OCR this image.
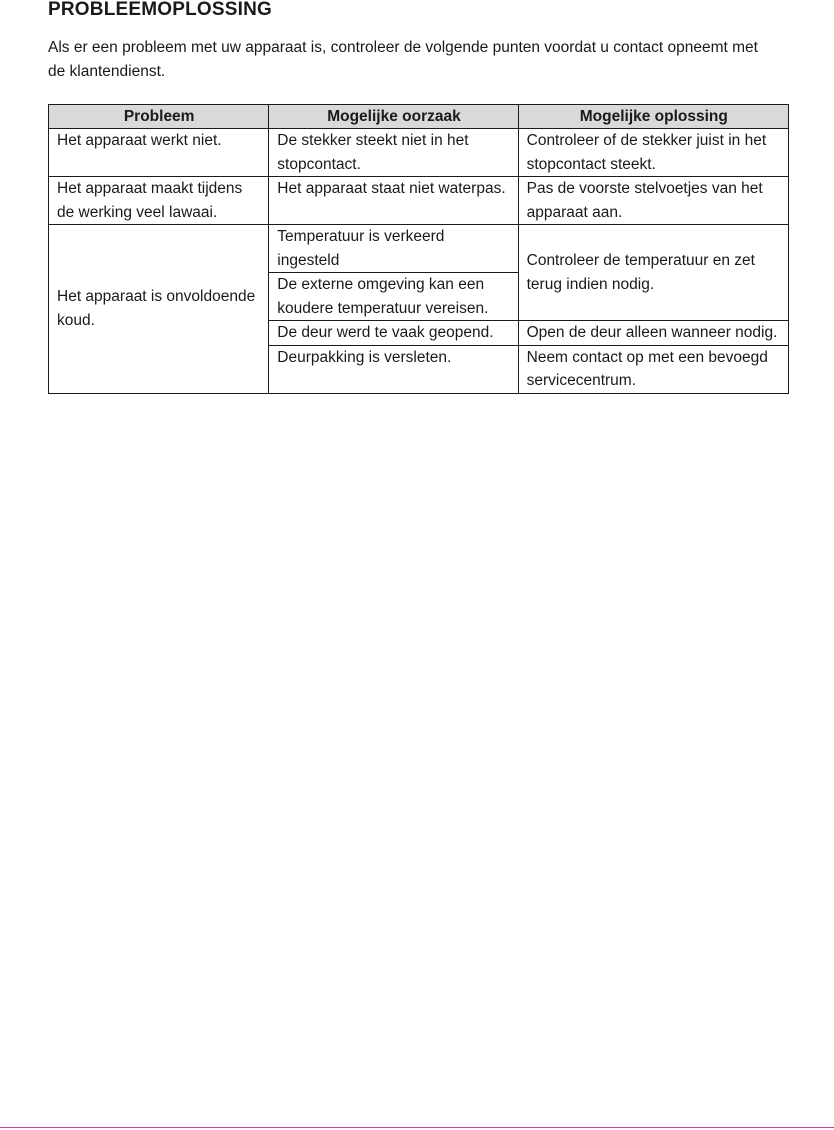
PROBLEEMOPLOSSING

Als er een probleem met uw apparaat is, controleer de volgende punten voordat u contact opneemt met de klantendienst.

Probleem	Mogelijke oorzaak	Mogelijke oplossing
Het apparaat werkt niet.	De stekker steekt niet in het stopcontact.	Controleer of de stekker juist in het stopcontact steekt.
Het apparaat maakt tijdens de werking veel lawaai.	Het apparaat staat niet waterpas.	Pas de voorste stelvoetjes van het apparaat aan.
Het apparaat is onvoldoende koud.	Temperatuur is verkeerd ingesteld	Controleer de temperatuur en zet terug indien nodig.
	De externe omgeving kan een koudere temperatuur vereisen.	
	De deur werd te vaak geopend.	Open de deur alleen wanneer nodig.
	Deurpakking is versleten.	Neem contact op met een bevoegd servicecentrum.
